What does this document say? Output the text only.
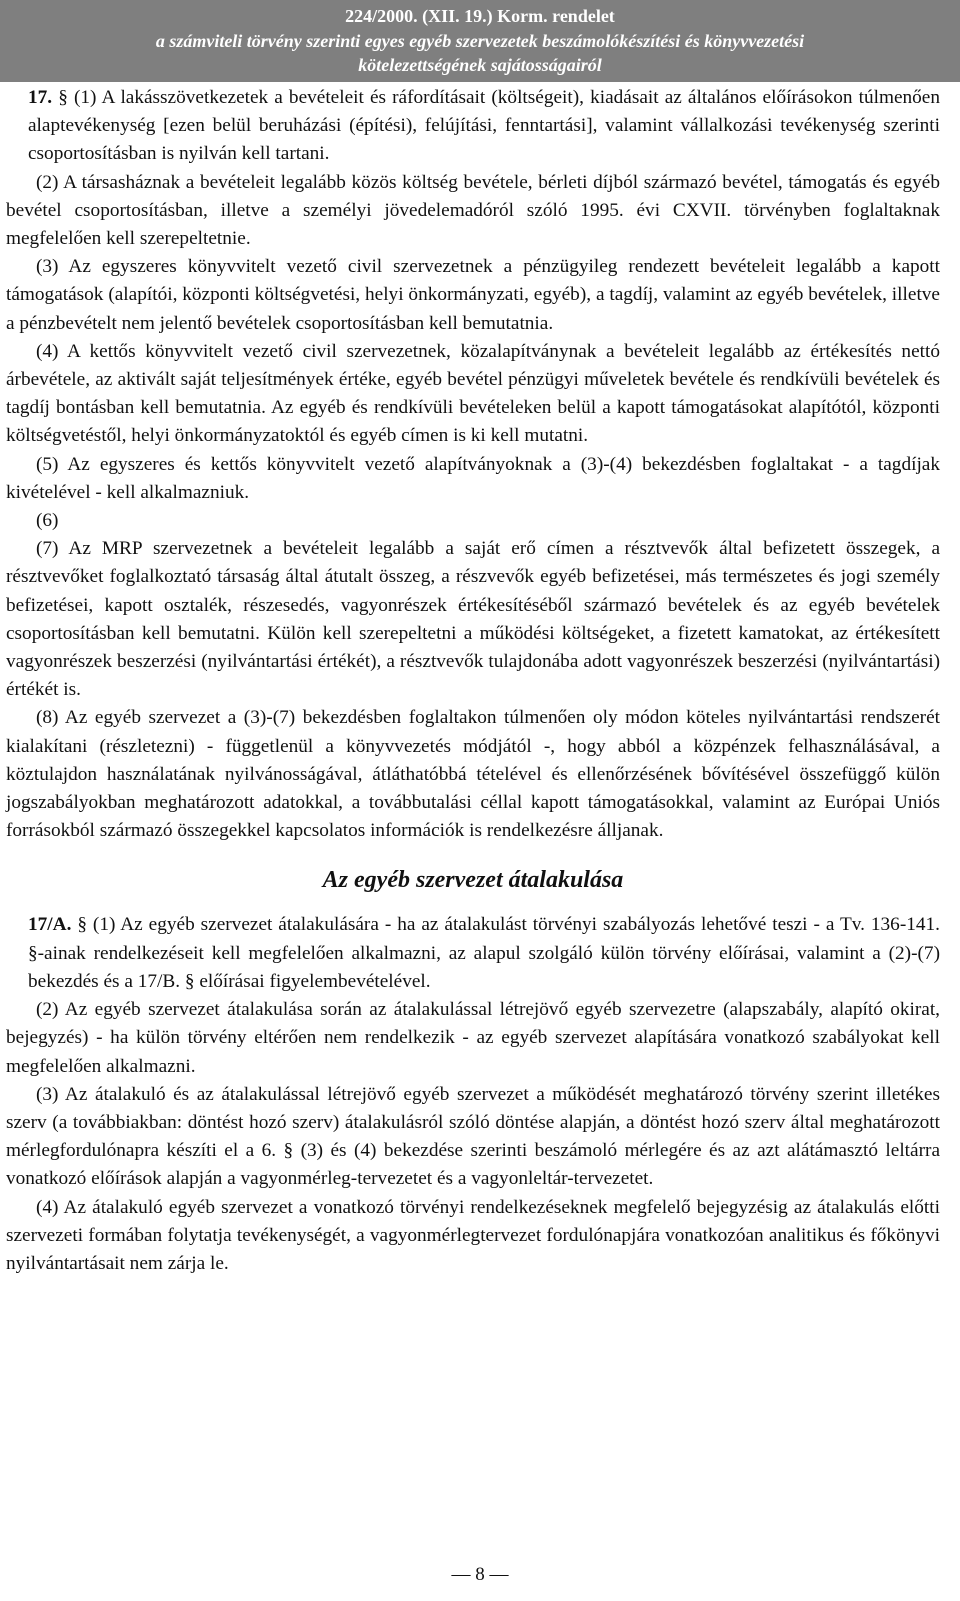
224/2000. (XII. 19.) Korm. rendelet
a számviteli törvény szerinti egyes egyéb szervezetek beszámolókészítési és könyvvezetési
kötelezettségének sajátosságairól

17. § (1) A lakásszövetkezetek a bevételeit és ráfordításait (költségeit), kiadásait az általános előírásokon túlmenően alaptevékenység [ezen belül beruházási (építési), felújítási, fenntartási], valamint vállalkozási tevékenység szerinti csoportosításban is nyilván kell tartani.

(2) A társasháznak a bevételeit legalább közös költség bevétele, bérleti díjból származó bevétel, támogatás és egyéb bevétel csoportosításban, illetve a személyi jövedelemadóról szóló 1995. évi CXVII. törvényben foglaltaknak megfelelően kell szerepeltetnie.

(3) Az egyszeres könyvvitelt vezető civil szervezetnek a pénzügyileg rendezett bevételeit legalább a kapott támogatások (alapítói, központi költségvetési, helyi önkormányzati, egyéb), a tagdíj, valamint az egyéb bevételek, illetve a pénzbevételt nem jelentő bevételek csoportosításban kell bemutatnia.

(4) A kettős könyvvitelt vezető civil szervezetnek, közalapítványnak a bevételeit legalább az értékesítés nettó árbevétele, az aktivált saját teljesítmények értéke, egyéb bevétel pénzügyi műveletek bevétele és rendkívüli bevételek és tagdíj bontásban kell bemutatnia. Az egyéb és rendkívüli bevételeken belül a kapott támogatásokat alapítótól, központi költségvetéstől, helyi önkormányzatoktól és egyéb címen is ki kell mutatni.

(5) Az egyszeres és kettős könyvvitelt vezető alapítványoknak a (3)-(4) bekezdésben foglaltakat - a tagdíjak kivételével - kell alkalmazniuk.

(6)

(7) Az MRP szervezetnek a bevételeit legalább a saját erő címen a résztvevők által befizetett összegek, a résztvevőket foglalkoztató társaság által átutalt összeg, a részvevők egyéb befizetései, más természetes és jogi személy befizetései, kapott osztalék, részesedés, vagyonrészek értékesítéséből származó bevételek és az egyéb bevételek csoportosításban kell bemutatni. Külön kell szerepeltetni a működési költségeket, a fizetett kamatokat, az értékesített vagyonrészek beszerzési (nyilvántartási értékét), a résztvevők tulajdonába adott vagyonrészek beszerzési (nyilvántartási) értékét is.

(8) Az egyéb szervezet a (3)-(7) bekezdésben foglaltakon túlmenően oly módon köteles nyilvántartási rendszerét kialakítani (részletezni) - függetlenül a könyvvezetés módjától -, hogy abból a közpénzek felhasználásával, a köztulajdon használatának nyilvánosságával, átláthatóbbá tételével és ellenőrzésének bővítésével összefüggő külön jogszabályokban meghatározott adatokkal, a továbbutalási céllal kapott támogatásokkal, valamint az Európai Uniós forrásokból származó összegekkel kapcsolatos információk is rendelkezésre álljanak.

Az egyéb szervezet átalakulása

17/A. § (1) Az egyéb szervezet átalakulására - ha az átalakulást törvényi szabályozás lehetővé teszi - a Tv. 136-141. §-ainak rendelkezéseit kell megfelelően alkalmazni, az alapul szolgáló külön törvény előírásai, valamint a (2)-(7) bekezdés és a 17/B. § előírásai figyelembevételével.

(2) Az egyéb szervezet átalakulása során az átalakulással létrejövő egyéb szervezetre (alapszabály, alapító okirat, bejegyzés) - ha külön törvény eltérően nem rendelkezik - az egyéb szervezet alapítására vonatkozó szabályokat kell megfelelően alkalmazni.

(3) Az átalakuló és az átalakulással létrejövő egyéb szervezet a működését meghatározó törvény szerint illetékes szerv (a továbbiakban: döntést hozó szerv) átalakulásról szóló döntése alapján, a döntést hozó szerv által meghatározott mérlegfordulónapra készíti el a 6. § (3) és (4) bekezdése szerinti beszámoló mérlegére és az azt alátámasztó leltárra vonatkozó előírások alapján a vagyonmérleg-tervezetet és a vagyonleltár-tervezetet.

(4) Az átalakuló egyéb szervezet a vonatkozó törvényi rendelkezéseknek megfelelő bejegyzésig az átalakulás előtti szervezeti formában folytatja tevékenységét, a vagyonmérlegtervezet fordulónapjára vonatkozóan analitikus és főkönyvi nyilvántartásait nem zárja le.

— 8 —
